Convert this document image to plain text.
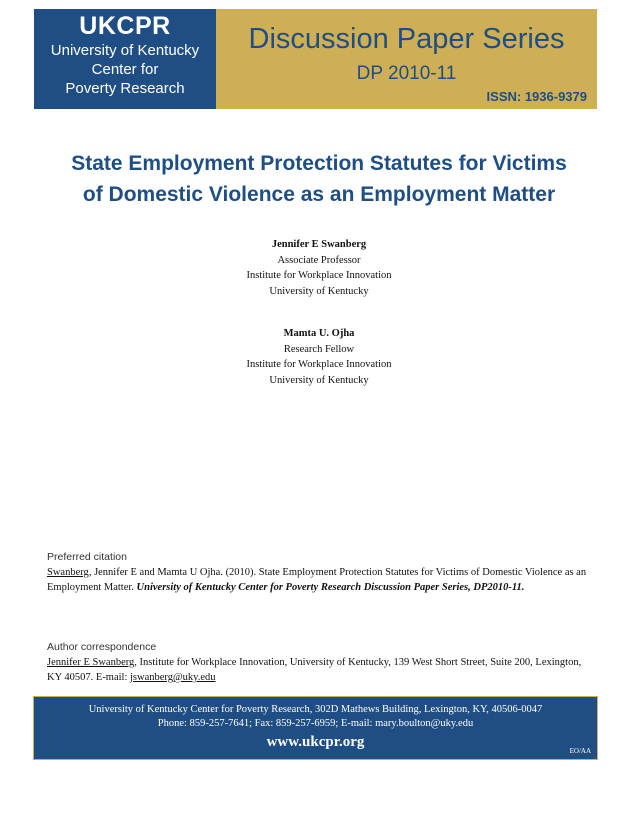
UKCPR
University of Kentucky
Center for
Poverty Research
Discussion Paper Series
DP 2010-11
ISSN: 1936-9379
State Employment Protection Statutes for Victims
of Domestic Violence as an Employment Matter
Jennifer E Swanberg
Associate Professor
Institute for Workplace Innovation
University of Kentucky
Mamta U. Ojha
Research Fellow
Institute for Workplace Innovation
University of Kentucky
Preferred citation
Swanberg, Jennifer E and Mamta U Ojha. (2010). State Employment Protection Statutes for Victims of Domestic Violence as an Employment Matter. University of Kentucky Center for Poverty Research Discussion Paper Series, DP2010-11.
Author correspondence
Jennifer E Swanberg, Institute for Workplace Innovation, University of Kentucky, 139 West Short Street, Suite 200, Lexington, KY 40507. E-mail: jswanberg@uky.edu
University of Kentucky Center for Poverty Research, 302D Mathews Building, Lexington, KY, 40506-0047
Phone: 859-257-7641; Fax: 859-257-6959; E-mail: mary.boulton@uky.edu
www.ukcpr.org
EO/AA
